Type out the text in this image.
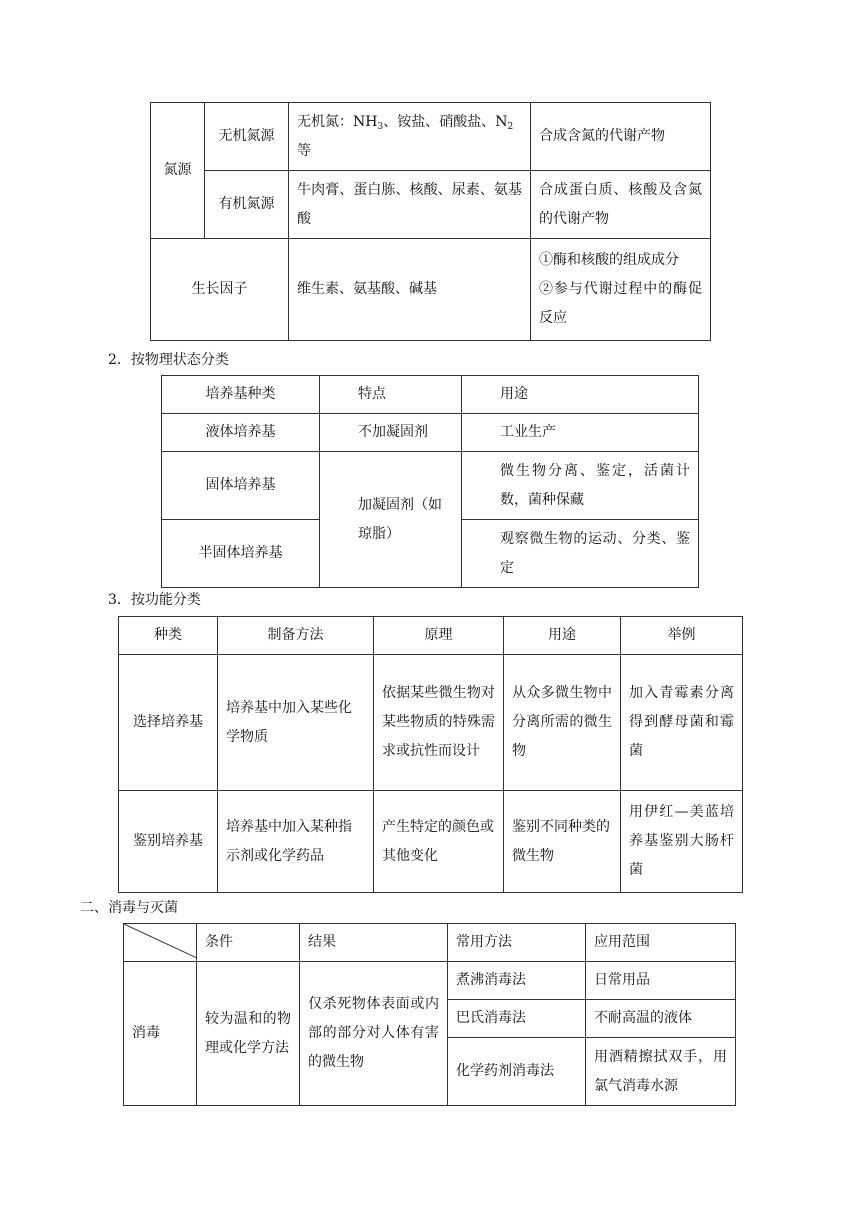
氮源	无机氮源	无机氮：$NH_3$、铵盐、硝酸盐、$N_2$等	合成含氮的代谢产物
	有机氮源	牛肉膏、蛋白胨、核酸、尿素、氨基酸	合成蛋白质、核酸及含氮的代谢产物
生长因子		维生素、氨基酸、碱基	①酶和核酸的组成成分
②参与代谢过程中的酶促反应
2．按物理状态分类
培养基种类	特点	用途
液体培养基	不加凝固剂	工业生产
固体培养基	加凝固剂（如琼脂）	微生物分离、鉴定，活菌计数，菌种保藏
半固体培养基		观察微生物的运动、分类、鉴定
3．按功能分类
种类	制备方法	原理	用途	举例
选择培养基	培养基中加入某些化学物质	依据某些微生物对某些物质的特殊需求或抗性而设计	从众多微生物中分离所需的微生物	加入青霉素分离得到酵母菌和霉菌
鉴别培养基	培养基中加入某种指示剂或化学药品	产生特定的颜色或其他变化	鉴别不同种类的微生物	用伊红—美蓝培养基鉴别大肠杆菌
二、消毒与灭菌
	条件	结果	常用方法	应用范围
消毒	较为温和的物理或化学方法	仅杀死物体表面或内部的部分对人体有害的微生物	煮沸消毒法	日常用品
			巴氏消毒法	不耐高温的液体
			化学药剂消毒法	用酒精擦拭双手，用氯气消毒水源
